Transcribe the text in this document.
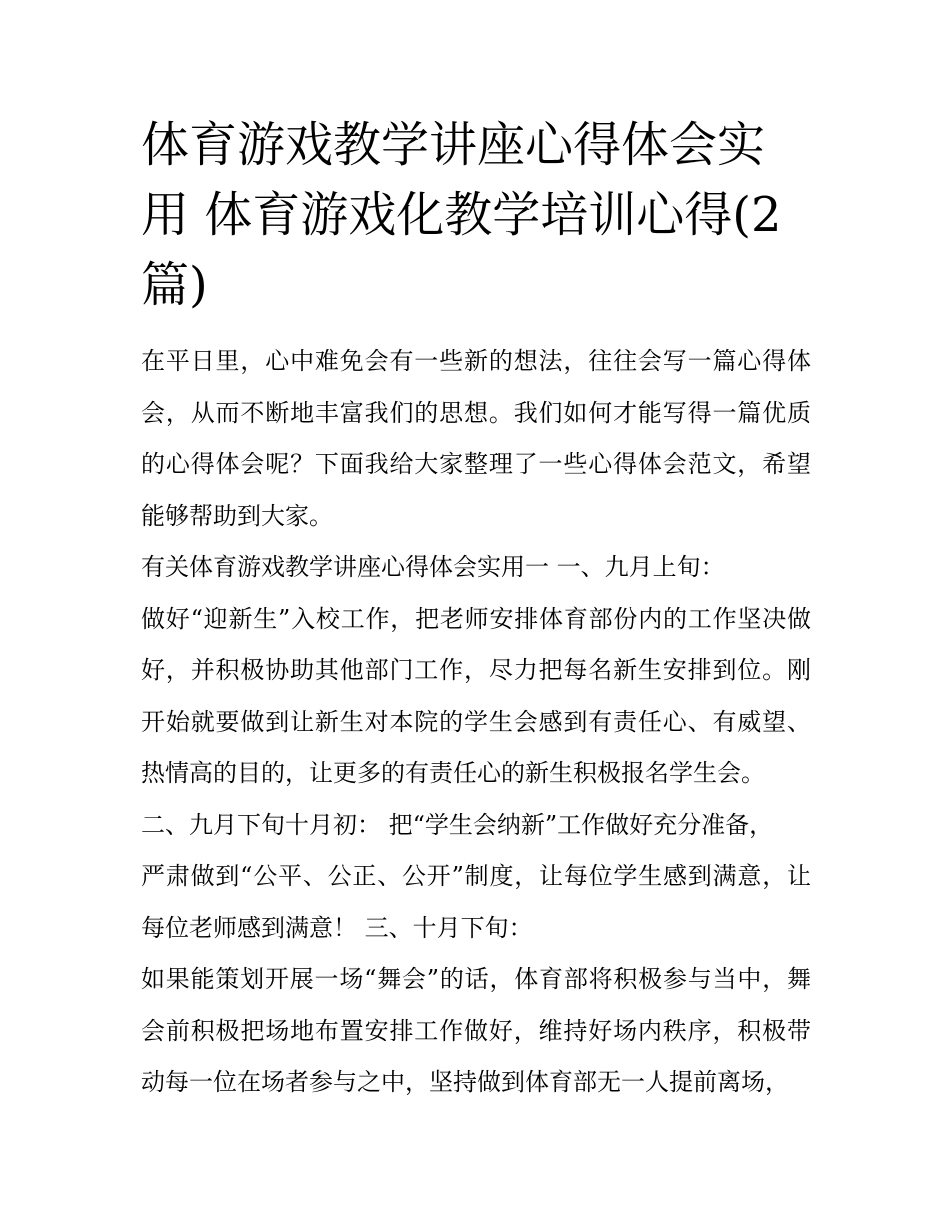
体育游戏教学讲座心得体会实用 体育游戏化教学培训心得(2篇)

在平日里，心中难免会有一些新的想法，往往会写一篇心得体会，从而不断地丰富我们的思想。我们如何才能写得一篇优质的心得体会呢？下面我给大家整理了一些心得体会范文，希望能够帮助到大家。

有关体育游戏教学讲座心得体会实用一 一、九月上旬：

做好“迎新生”入校工作，把老师安排体育部份内的工作坚决做好，并积极协助其他部门工作，尽力把每名新生安排到位。刚开始就要做到让新生对本院的学生会感到有责任心、有威望、热情高的目的，让更多的有责任心的新生积极报名学生会。

二、九月下旬十月初： 把“学生会纳新”工作做好充分准备，

严肃做到“公平、公正、公开”制度，让每位学生感到满意，让每位老师感到满意！ 三、十月下旬：

如果能策划开展一场“舞会”的话，体育部将积极参与当中，舞会前积极把场地布置安排工作做好，维持好场内秩序，积极带动每一位在场者参与之中，坚持做到体育部无一人提前离场，
